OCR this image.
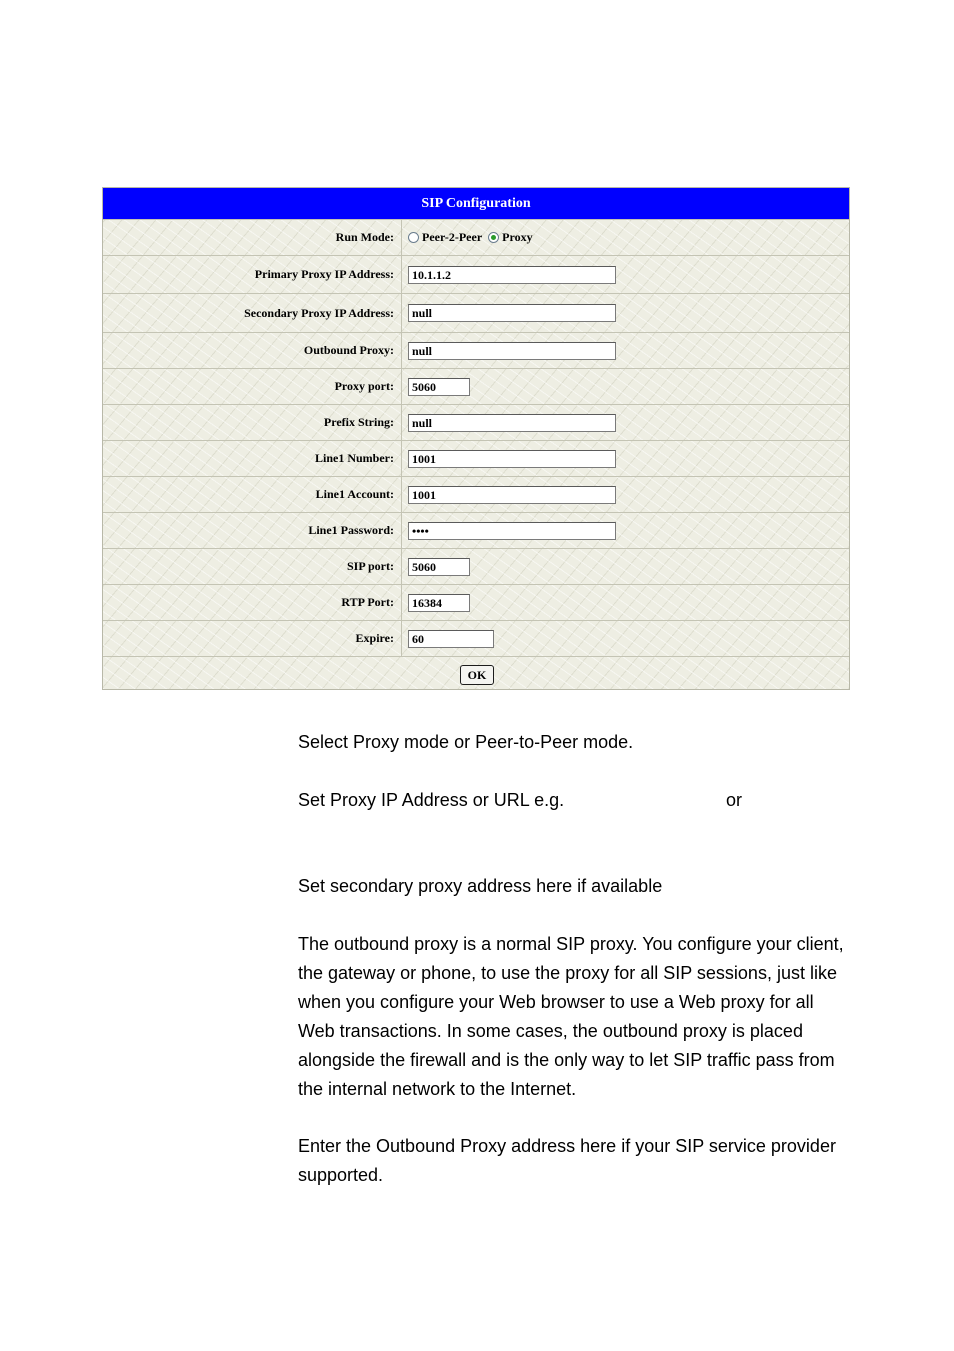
SIP Configuration
Run Mode:	Peer-2-Peer Proxy
Primary Proxy IP Address:	10.1.1.2
Secondary Proxy IP Address:	null
Outbound Proxy:	null
Proxy port:	5060
Prefix String:	null
Line1 Number:	1001
Line1 Account:	1001
Line1 Password:	••••
SIP port:	5060
RTP Port:	16384
Expire:	60
OK

Select Proxy mode or Peer-to-Peer mode.

Set Proxy IP Address or URL e.g.	or

Set secondary proxy address here if available

The outbound proxy is a normal SIP proxy. You configure your client, the gateway or phone, to use the proxy for all SIP sessions, just like when you configure your Web browser to use a Web proxy for all Web transactions. In some cases, the outbound proxy is placed alongside the firewall and is the only way to let SIP traffic pass from the internal network to the Internet.

Enter the Outbound Proxy address here if your SIP service provider supported.
